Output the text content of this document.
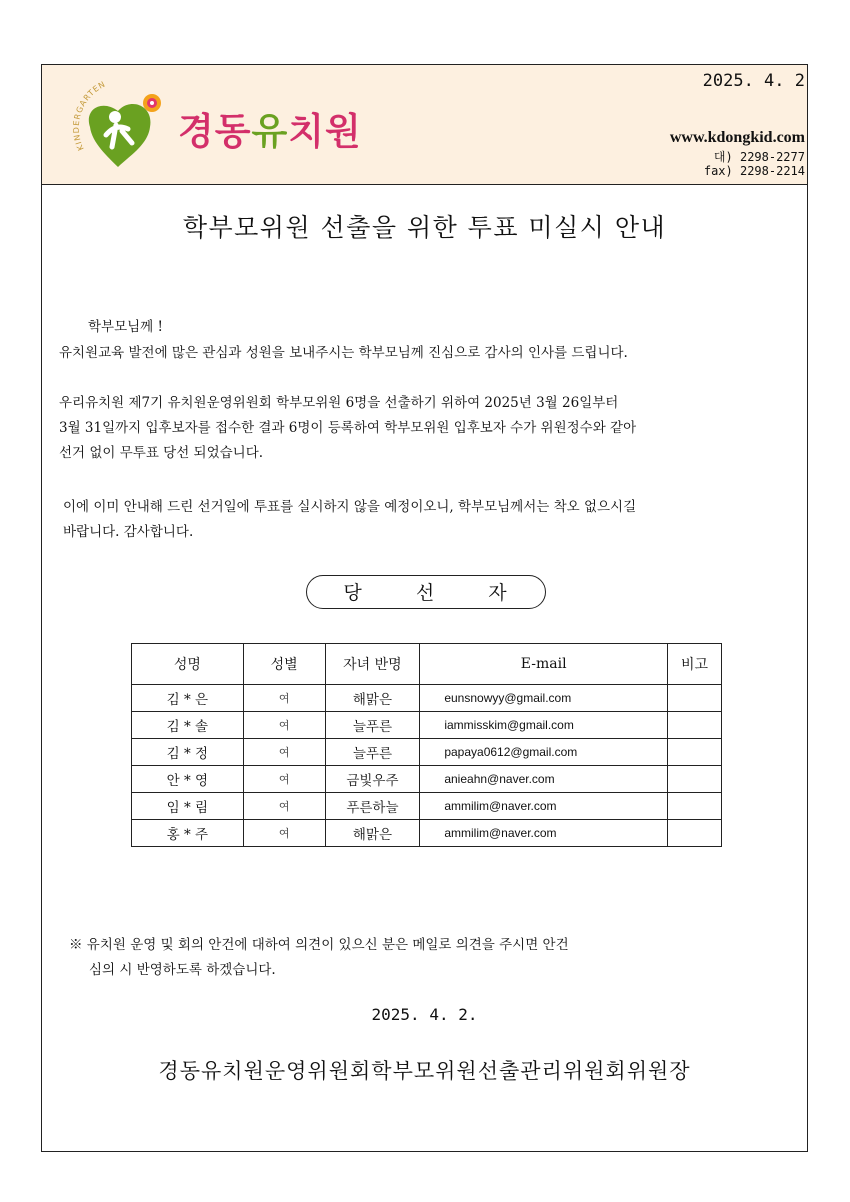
KINDERGARTEN
경동유치원
2025. 4. 2
www.kdongkid.com
대) 2298-2277
fax) 2298-2214
학부모위원 선출을 위한 투표 미실시 안내
학부모님께 !
유치원교육 발전에 많은 관심과 성원을 보내주시는 학부모님께 진심으로 감사의 인사를 드립니다.
우리유치원 제7기 유치원운영위원회 학부모위원 6명을 선출하기 위하여 2025년 3월 26일부터
3월 31일까지 입후보자를 접수한 결과 6명이 등록하여 학부모위원 입후보자 수가 위원정수와 같아
선거 없이 무투표 당선 되었습니다.
이에 이미 안내해 드린 선거일에 투표를 실시하지 않을 예정이오니, 학부모님께서는 착오 없으시길
바랍니다. 감사합니다.
당 선 자
성명	성별	자녀 반명	E-mail	비고
김 * 은	여	해맑은	eunsnowyy@gmail.com	
김 * 솔	여	늘푸른	iammisskim@gmail.com	
김 * 정	여	늘푸른	papaya0612@gmail.com	
안 * 영	여	금빛우주	anieahn@naver.com	
임 * 림	여	푸른하늘	ammilim@naver.com	
홍 * 주	여	해맑은	ammilim@naver.com	
※ 유치원 운영 및 회의 안건에 대하여 의견이 있으신 분은 메일로 의견을 주시면 안건
심의 시 반영하도록 하겠습니다.
2025. 4. 2.
경동유치원운영위원회학부모위원선출관리위원회위원장
